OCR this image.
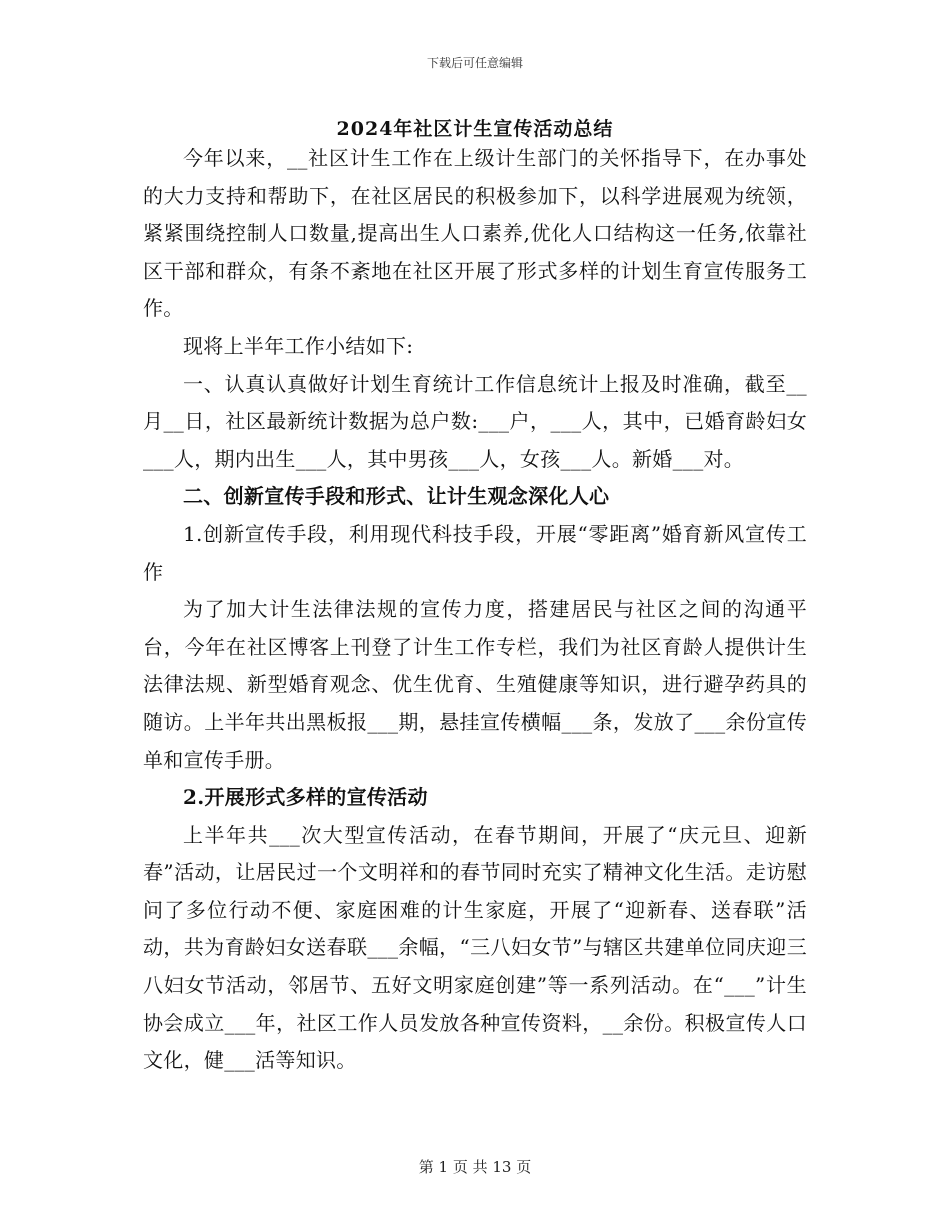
下载后可任意编辑
2024年社区计生宣传活动总结

今年以来，__社区计生工作在上级计生部门的关怀指导下，在办事处的大力支持和帮助下，在社区居民的积极参加下，以科学进展观为统领，紧紧围绕控制人口数量,提高出生人口素养,优化人口结构这一任务,依靠社区干部和群众，有条不紊地在社区开展了形式多样的计划生育宣传服务工作。

现将上半年工作小结如下:

一、认真认真做好计划生育统计工作信息统计上报及时准确，截至__月__日，社区最新统计数据为总户数:___户，___人，其中，已婚育龄妇女___人，期内出生___人，其中男孩___人，女孩___人。新婚___对。

二、创新宣传手段和形式、让计生观念深化人心

1.创新宣传手段，利用现代科技手段，开展“零距离”婚育新风宣传工作

为了加大计生法律法规的宣传力度，搭建居民与社区之间的沟通平台，今年在社区博客上刊登了计生工作专栏，我们为社区育龄人提供计生法律法规、新型婚育观念、优生优育、生殖健康等知识，进行避孕药具的随访。上半年共出黑板报___期，悬挂宣传横幅___条，发放了___余份宣传单和宣传手册。

2.开展形式多样的宣传活动

上半年共___次大型宣传活动，在春节期间，开展了“庆元旦、迎新春”活动，让居民过一个文明祥和的春节同时充实了精神文化生活。走访慰问了多位行动不便、家庭困难的计生家庭，开展了“迎新春、送春联”活动，共为育龄妇女送春联___余幅，“三八妇女节”与辖区共建单位同庆迎三八妇女节活动，邻居节、五好文明家庭创建”等一系列活动。在“___”计生协会成立___年，社区工作人员发放各种宣传资料，__余份。积极宣传人口文化，健___活等知识。

第 1 页 共 13 页
